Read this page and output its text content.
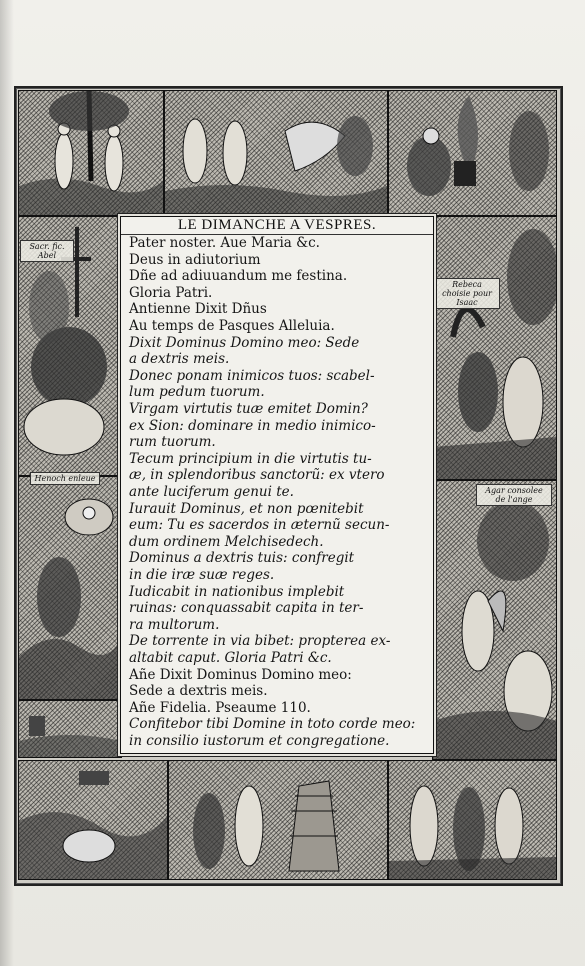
Sacr. fic. Abel
Henoch enleue
Rebeca choisie pour Isaac
Agar consolee de l'ange
LE DIMANCHE A VESPRES.
Pater noster. Aue Maria &c.
Deus in adiutorium
Dñe ad adiuuandum me festina.
Gloria Patri.
Antienne Dixit Dñus
Au temps de Pasques Alleluia.
Dixit Dominus Domino meo: Sede
a dextris meis.
Donec ponam inimicos tuos: scabel-
lum pedum tuorum.
Virgam virtutis tuæ emitet Domin?
ex Sion: dominare in medio inimico-
rum tuorum.
Tecum principium in die virtutis tu-
æ, in splendoribus sanctorũ: ex vtero
ante luciferum genui te.
Iurauit Dominus, et non pœnitebit
eum: Tu es sacerdos in æternũ secun-
dum ordinem Melchisedech.
Dominus a dextris tuis: confregit
in die iræ suæ reges.
Iudicabit in nationibus implebit
ruinas: conquassabit capita in ter-
ra multorum.
De torrente in via bibet: propterea ex-
altabit caput. Gloria Patri &c.
Añe Dixit Dominus Domino meo:
Sede a dextris meis.
Añe Fidelia. Pseaume 110.
Confitebor tibi Domine in toto corde meo:
in consilio iustorum et congregatione.
